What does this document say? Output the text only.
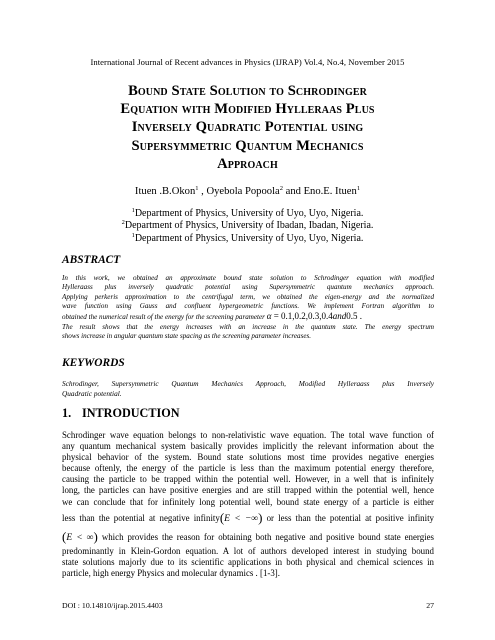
International Journal of Recent advances in Physics (IJRAP) Vol.4, No.4, November 2015
Bound State Solution to Schrodinger
Equation with Modified Hylleraas Plus
Inversely Quadratic Potential using
Supersymmetric Quantum Mechanics
Approach
Ituen .B.Okon$^1$ , Oyebola Popoola$^2$ and Eno.E. Ituen$^1$
$^1$Department of Physics, University of Uyo, Uyo, Nigeria.
$^2$Department of Physics, University of Ibadan, Ibadan, Nigeria.
$^1$Department of Physics, University of Uyo, Uyo, Nigeria.
ABSTRACT
In this work, we obtained an approximate bound state solution to Schrodinger equation with modified
Hylleraass plus inversely quadratic potential using Supersymmetric quantum mechanics approach.
Applying perkeris approximation to the centrifugal term, we obtained the eigen-energy and the normalized
wave function using Gauss and confluent hypergeometric functions. We implement Fortran algorithm to
obtained the numerical result of the energy for the screening parameter α = 0.1,0.2,0.3,0.4and0.5 .
The result shows that the energy increases with an increase in the quantum state. The energy spectrum
shows increase in angular quantum state spacing as the screening parameter increases.
KEYWORDS
Schrodinger, Supersymmetric Quantum Mechanics Approach, Modified Hylleraass plus Inversely
Quadratic potential.
1. INTRODUCTION
Schrodinger wave equation belongs to non-relativistic wave equation. The total wave function of
any quantum mechanical system basically provides implicitly the relevant information about the
physical behavior of the system. Bound state solutions most time provides negative energies
because oftenly, the energy of the particle is less than the maximum potential energy therefore,
causing the particle to be trapped within the potential well. However, in a well that is infinitely
long, the particles can have positive energies and are still trapped within the potential well, hence
we can conclude that for infinitely long potential well, bound state energy of a particle is either
less than the potential at negative infinity(E < −∞) or less than the potential at positive infinity
(E < ∞) which provides the reason for obtaining both negative and positive bound state energies
predominantly in Klein-Gordon equation. A lot of authors developed interest in studying bound
state solutions majorly due to its scientific applications in both physical and chemical sciences in
particle, high energy Physics and molecular dynamics . [1-3].
DOI : 10.14810/ijrap.2015.4403	27
